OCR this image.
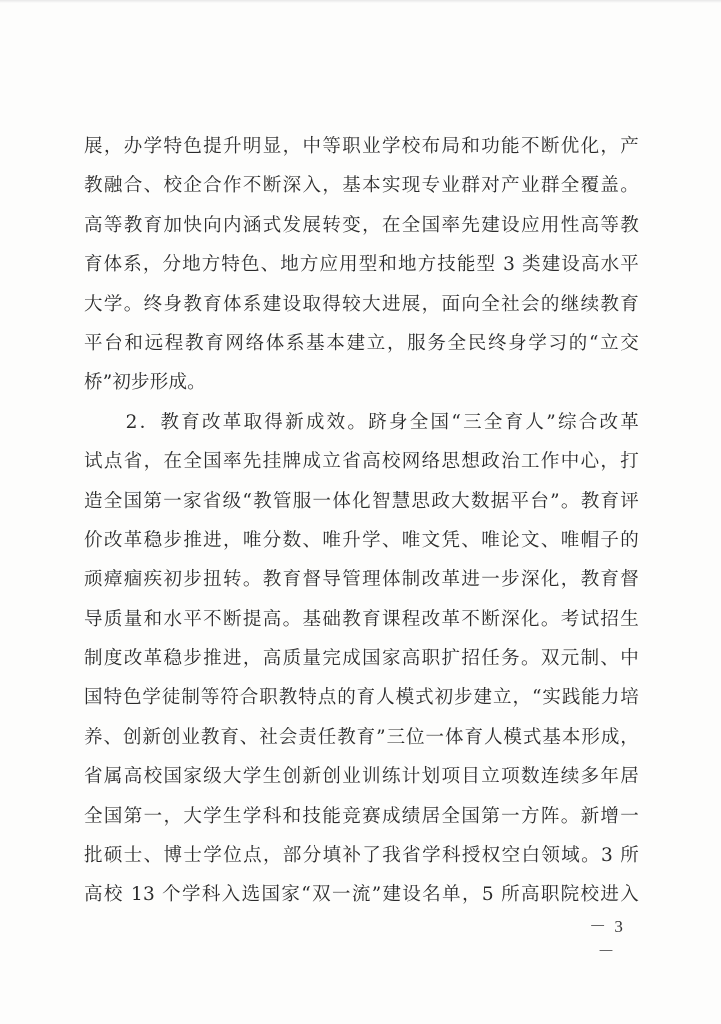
展，办学特色提升明显，中等职业学校布局和功能不断优化，产
教融合、校企合作不断深入，基本实现专业群对产业群全覆盖。
高等教育加快向内涵式发展转变，在全国率先建设应用性高等教
育体系，分地方特色、地方应用型和地方技能型 3 类建设高水平
大学。终身教育体系建设取得较大进展，面向全社会的继续教育
平台和远程教育网络体系基本建立，服务全民终身学习的“立交
桥”初步形成。
　　2．教育改革取得新成效。跻身全国“三全育人”综合改革
试点省，在全国率先挂牌成立省高校网络思想政治工作中心，打
造全国第一家省级“教管服一体化智慧思政大数据平台”。教育评
价改革稳步推进，唯分数、唯升学、唯文凭、唯论文、唯帽子的
顽瘴痼疾初步扭转。教育督导管理体制改革进一步深化，教育督
导质量和水平不断提高。基础教育课程改革不断深化。考试招生
制度改革稳步推进，高质量完成国家高职扩招任务。双元制、中
国特色学徒制等符合职教特点的育人模式初步建立，“实践能力培
养、创新创业教育、社会责任教育”三位一体育人模式基本形成，
省属高校国家级大学生创新创业训练计划项目立项数连续多年居
全国第一，大学生学科和技能竞赛成绩居全国第一方阵。新增一
批硕士、博士学位点，部分填补了我省学科授权空白领域。3 所
高校 13 个学科入选国家“双一流”建设名单，5 所高职院校进入
－ 3 －
